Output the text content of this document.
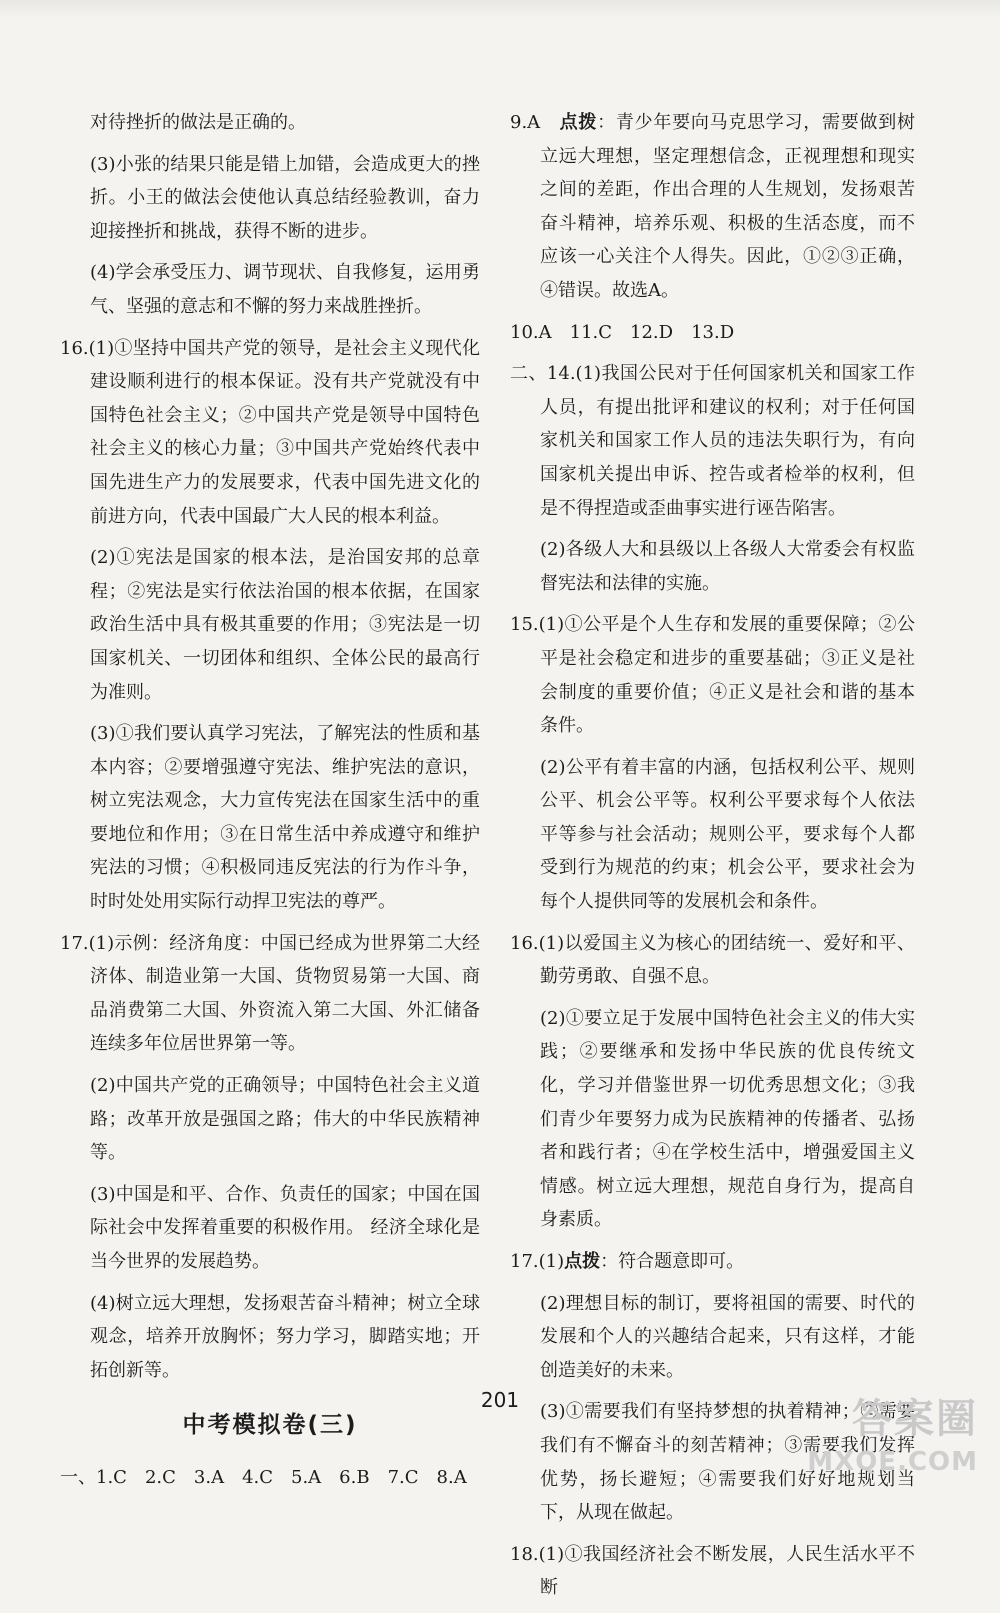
对待挫折的做法是正确的。

(3)小张的结果只能是错上加错，会造成更大的挫折。小王的做法会使他认真总结经验教训，奋力迎接挫折和挑战，获得不断的进步。

(4)学会承受压力、调节现状、自我修复，运用勇气、坚强的意志和不懈的努力来战胜挫折。

16.(1)①坚持中国共产党的领导，是社会主义现代化建设顺利进行的根本保证。没有共产党就没有中国特色社会主义；②中国共产党是领导中国特色社会主义的核心力量；③中国共产党始终代表中国先进生产力的发展要求，代表中国先进文化的前进方向，代表中国最广大人民的根本利益。

(2)①宪法是国家的根本法，是治国安邦的总章程；②宪法是实行依法治国的根本依据，在国家政治生活中具有极其重要的作用；③宪法是一切国家机关、一切团体和组织、全体公民的最高行为准则。

(3)①我们要认真学习宪法，了解宪法的性质和基本内容；②要增强遵守宪法、维护宪法的意识，树立宪法观念，大力宣传宪法在国家生活中的重要地位和作用；③在日常生活中养成遵守和维护宪法的习惯；④积极同违反宪法的行为作斗争，时时处处用实际行动捍卫宪法的尊严。

17.(1)示例：经济角度：中国已经成为世界第二大经济体、制造业第一大国、货物贸易第一大国、商品消费第二大国、外资流入第二大国、外汇储备连续多年位居世界第一等。

(2)中国共产党的正确领导；中国特色社会主义道路；改革开放是强国之路；伟大的中华民族精神等。

(3)中国是和平、合作、负责任的国家；中国在国际社会中发挥着重要的积极作用。 经济全球化是当今世界的发展趋势。

(4)树立远大理想，发扬艰苦奋斗精神；树立全球观念，培养开放胸怀；努力学习，脚踏实地；开拓创新等。

中考模拟卷(三)

一、1.C　2.C　3.A　4.C　5.A　6.B　7.C　8.A

9.A　点拨：青少年要向马克思学习，需要做到树立远大理想，坚定理想信念，正视理想和现实之间的差距，作出合理的人生规划，发扬艰苦奋斗精神，培养乐观、积极的生活态度，而不应该一心关注个人得失。因此，①②③正确，④错误。故选A。

10.A　11.C　12.D　13.D

二、14.(1)我国公民对于任何国家机关和国家工作人员，有提出批评和建议的权利；对于任何国家机关和国家工作人员的违法失职行为，有向国家机关提出申诉、控告或者检举的权利，但是不得捏造或歪曲事实进行诬告陷害。

(2)各级人大和县级以上各级人大常委会有权监督宪法和法律的实施。

15.(1)①公平是个人生存和发展的重要保障；②公平是社会稳定和进步的重要基础；③正义是社会制度的重要价值；④正义是社会和谐的基本条件。

(2)公平有着丰富的内涵，包括权利公平、规则公平、机会公平等。权利公平要求每个人依法平等参与社会活动；规则公平，要求每个人都受到行为规范的约束；机会公平，要求社会为每个人提供同等的发展机会和条件。

16.(1)以爱国主义为核心的团结统一、爱好和平、勤劳勇敢、自强不息。

(2)①要立足于发展中国特色社会主义的伟大实践；②要继承和发扬中华民族的优良传统文化，学习并借鉴世界一切优秀思想文化；③我们青少年要努力成为民族精神的传播者、弘扬者和践行者；④在学校生活中，增强爱国主义情感。树立远大理想，规范自身行为，提高自身素质。

17.(1)点拨：符合题意即可。

(2)理想目标的制订，要将祖国的需要、时代的发展和个人的兴趣结合起来，只有这样，才能创造美好的未来。

(3)①需要我们有坚持梦想的执着精神；②需要我们有不懈奋斗的刻苦精神；③需要我们发挥优势，扬长避短；④需要我们好好地规划当下，从现在做起。

18.(1)①我国经济社会不断发展，人民生活水平不断

201	答案圈
MXQE.COM
